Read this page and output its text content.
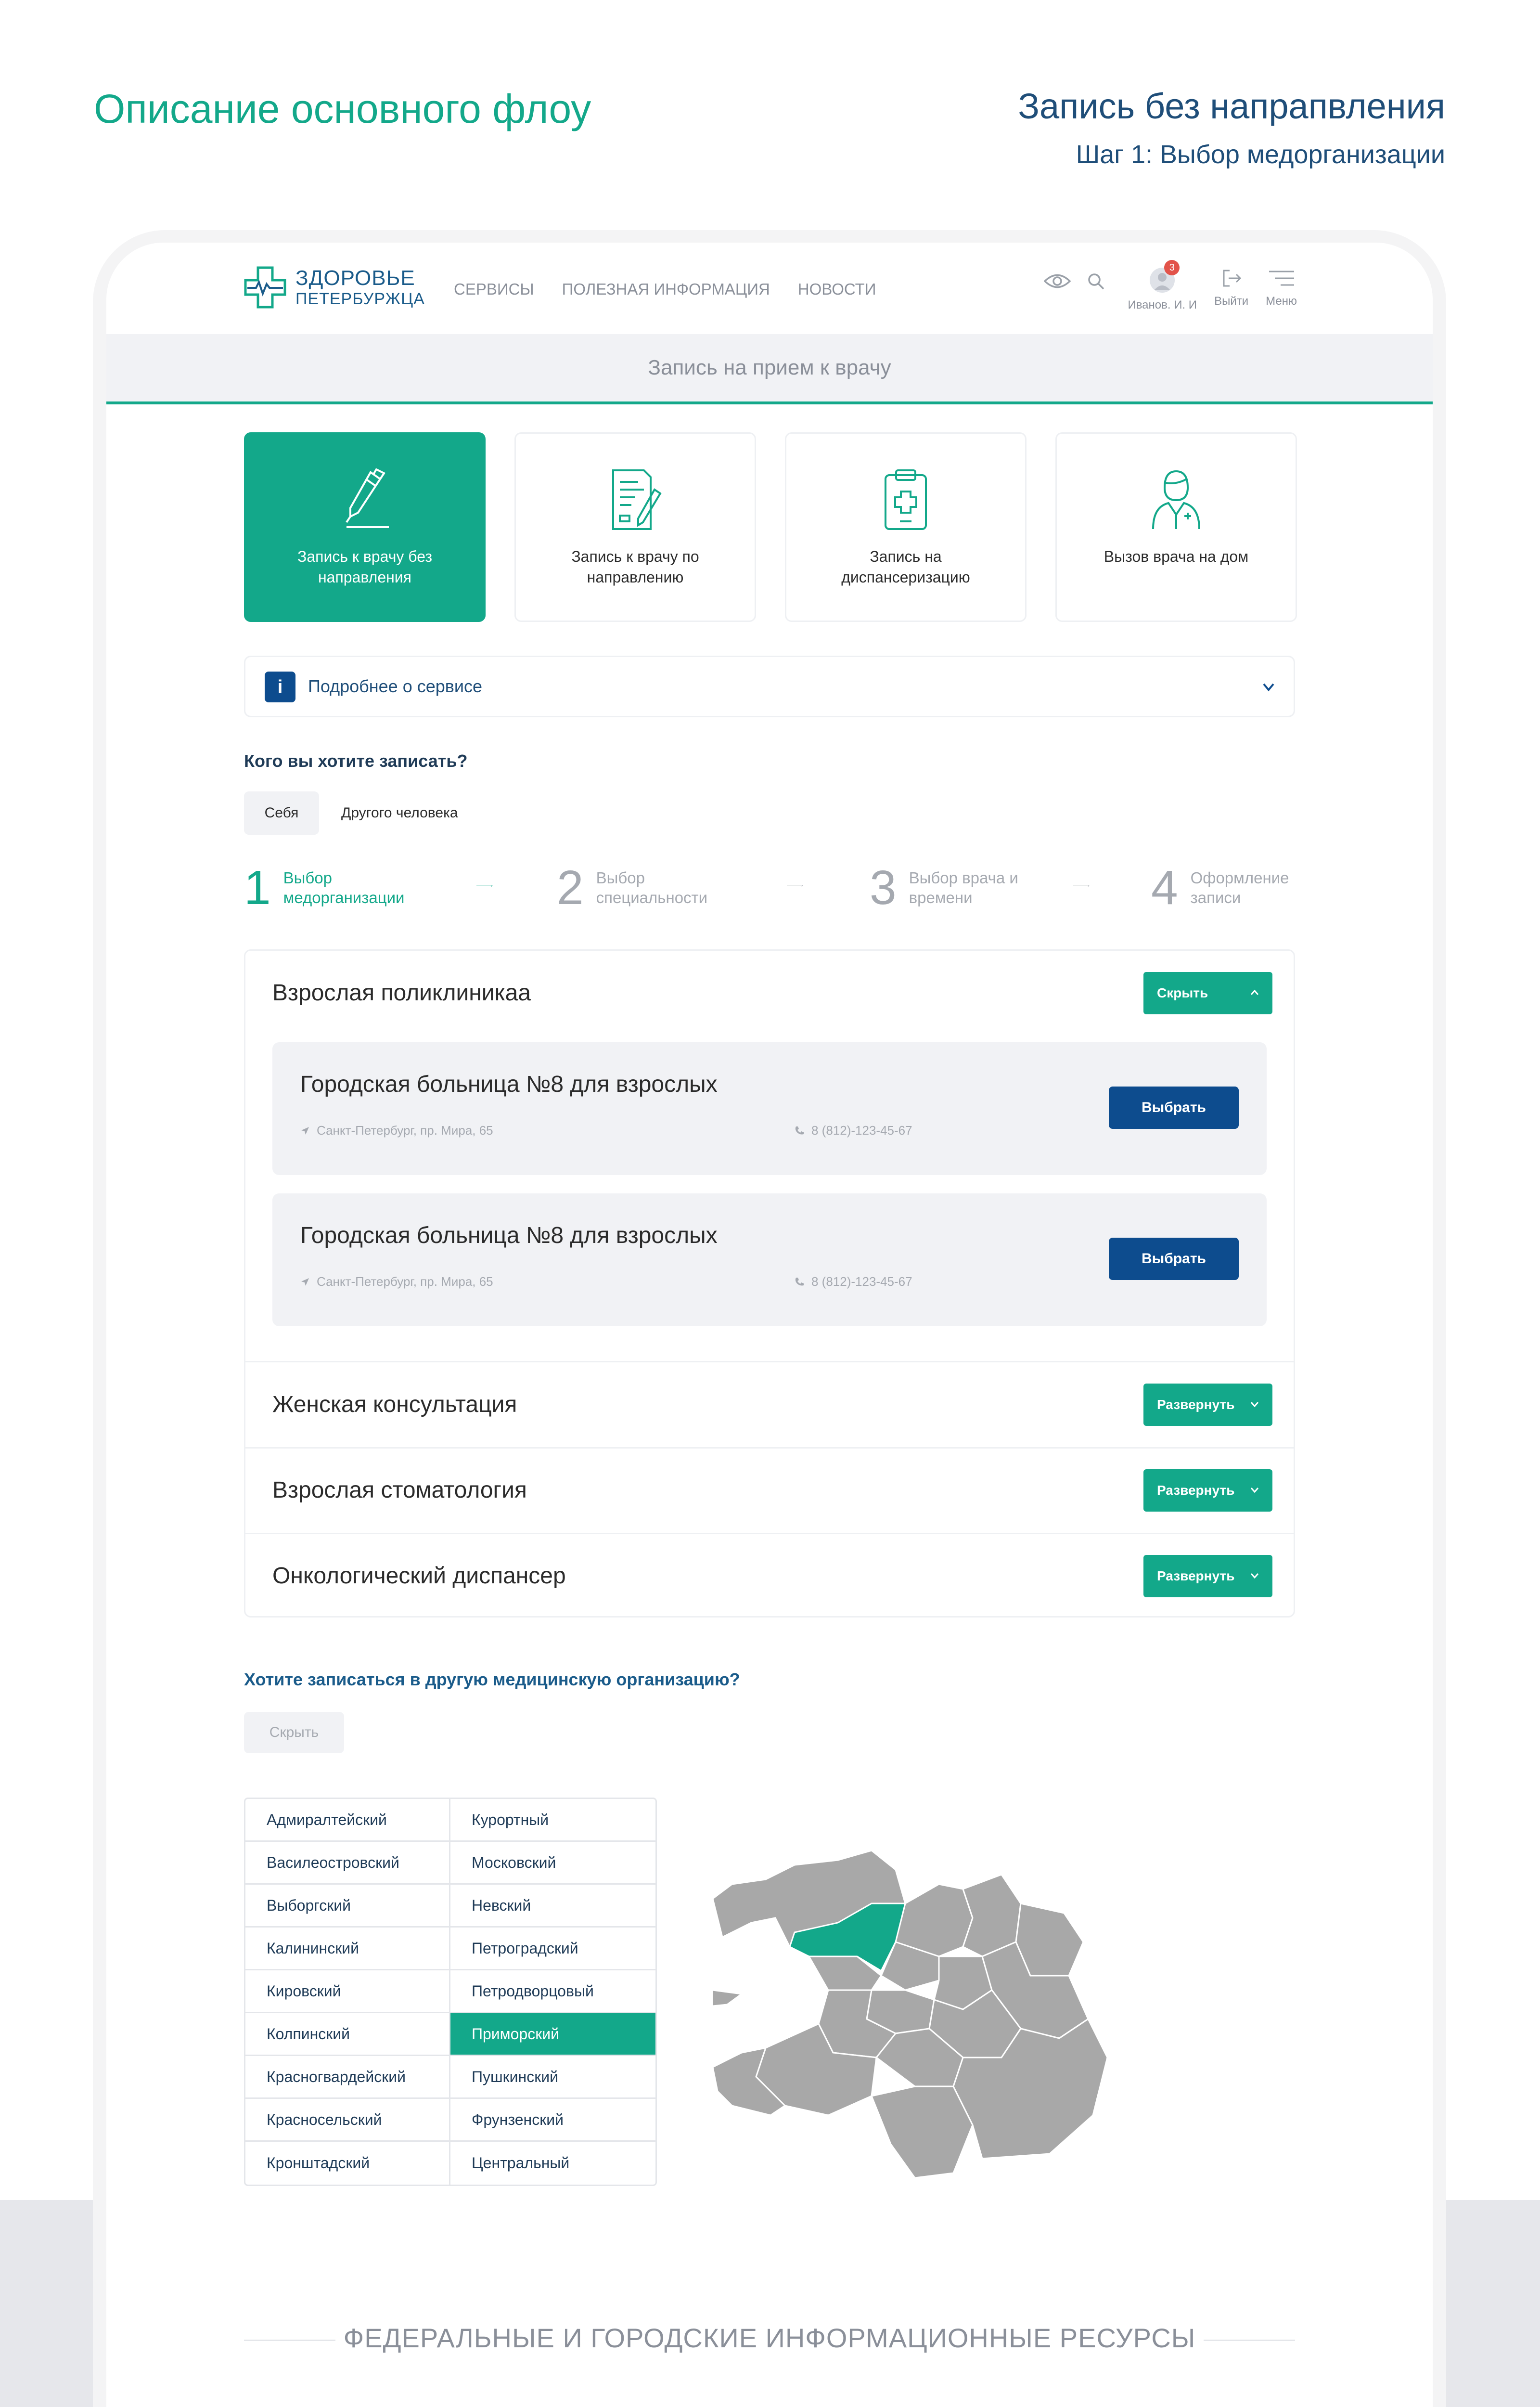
Описание основного флоу	Запись без напрапвления
Шаг 1: Выбор медорганизации
ЗДОРОВЬЕ
ПЕТЕРБУРЖЦА
СЕРВИСЫ ПОЛЕЗНАЯ ИНФОРМАЦИЯ НОВОСТИ
3
Иванов. И. И Выйти Меню
Запись на прием к врачу
Запись к врачу без направления
Запись к врачу по направлению
Запись на диспансеризацию
Вызов врача на дом
i	Подробнее о сервисе
Кого вы хотите записать?
Себя	Другого человека
1 Выбор медорганизации	2 Выбор специальности	3 Выбор врача и времени	4 Оформление записи
Взрослая поликлиникаа	Скрыть
Городская больница №8 для взрослых
Санкт-Петербург, пр. Мира, 65	8 (812)-123-45-67
Выбрать
Городская больница №8 для взрослых
Санкт-Петербург, пр. Мира, 65	8 (812)-123-45-67
Выбрать
Женская консультация	Развернуть
Взрослая стоматология	Развернуть
Онкологический диспансер	Развернуть
Хотите записаться в другую медицинскую организацию?
Скрыть
Адмиралтейский	Курортный
Василеостровский	Московский
Выборгский	Невский
Калининский	Петроградский
Кировский	Петродворцовый
Колпинский	Приморский
Красногвардейский	Пушкинский
Красносельский	Фрунзенский
Кронштадский	Центральный
ФЕДЕРАЛЬНЫЕ И ГОРОДСКИЕ ИНФОРМАЦИОННЫЕ РЕСУРСЫ
